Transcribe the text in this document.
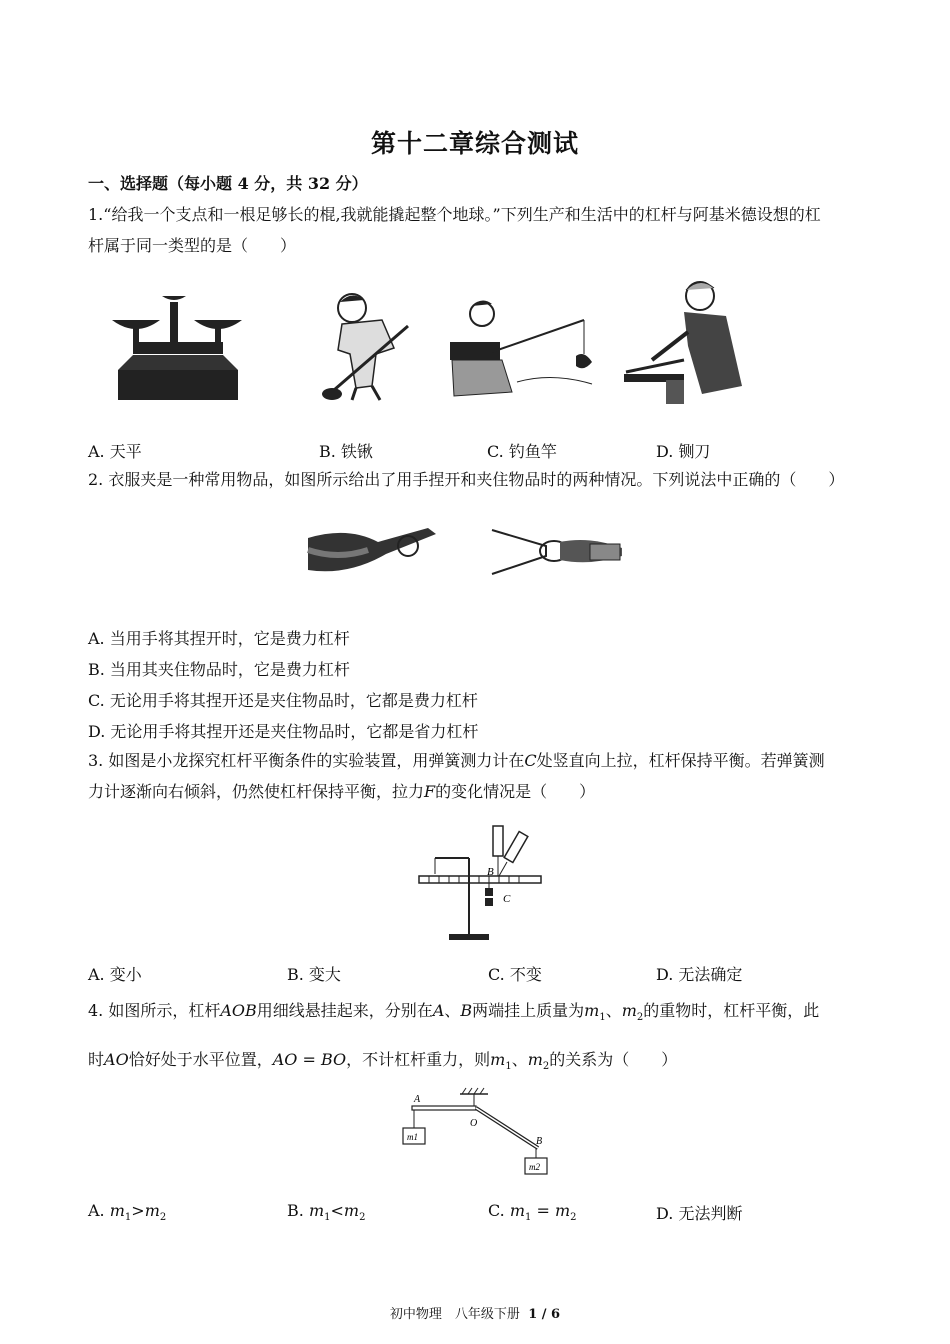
第十二章综合测试
一、选择题（每小题 4 分，共 32 分）
1.“给我一个支点和一根足够长的棍,我就能撬起整个地球。”下列生产和生活中的杠杆与阿基米德设想的杠
杆属于同一类型的是（　　）
A. 天平	B. 铁锹	C. 钓鱼竿	D. 铡刀
2. 衣服夹是一种常用物品，如图所示给出了用手捏开和夹住物品时的两种情况。下列说法中正确的（　　）
A. 当用手将其捏开时，它是费力杠杆
B. 当用其夹住物品时，它是费力杠杆
C. 无论用手将其捏开还是夹住物品时，它都是费力杠杆
D. 无论用手将其捏开还是夹住物品时，它都是省力杠杆
3. 如图是小龙探究杠杆平衡条件的实验装置，用弹簧测力计在C处竖直向上拉，杠杆保持平衡。若弹簧测
力计逐渐向右倾斜，仍然使杠杆保持平衡，拉力F的变化情况是（　　）
B
C
A. 变小	B. 变大	C. 不变	D. 无法确定
4. 如图所示，杠杆AOB用细线悬挂起来，分别在A、B两端挂上质量为$m_1$、$m_2$的重物时，杠杆平衡，此
时AO恰好处于水平位置，AO = BO，不计杠杆重力，则$m_1$、$m_2$的关系为（　　）
A
O
B
m1
m2
A. $m_1>m_2$	B. $m_1<m_2$	C. $m_1 = m_2$	D. 无法判断
初中物理　八年级下册 1 / 6
